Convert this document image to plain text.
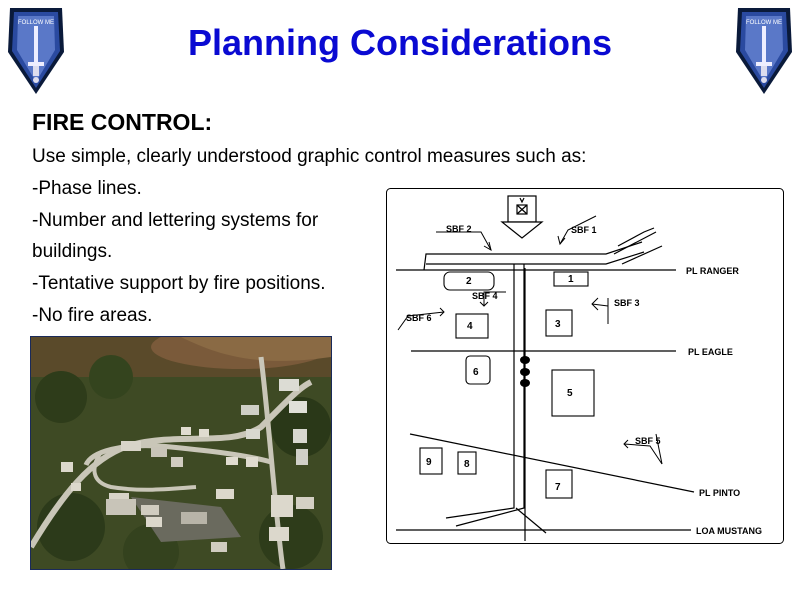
FOLLOW ME	FOLLOW ME
Planning Considerations
FIRE CONTROL:
Use simple, clearly understood graphic control measures such as:
-Phase lines.
-Number and lettering systems for
buildings.
-Tentative support by fire positions.
-No fire areas.
1
2
3
4
5
6
7
8
9
SBF 1
SBF 2
SBF 3
SBF 4
SBF 5
SBF 6
PL RANGER
PL EAGLE
PL PINTO
LOA MUSTANG
